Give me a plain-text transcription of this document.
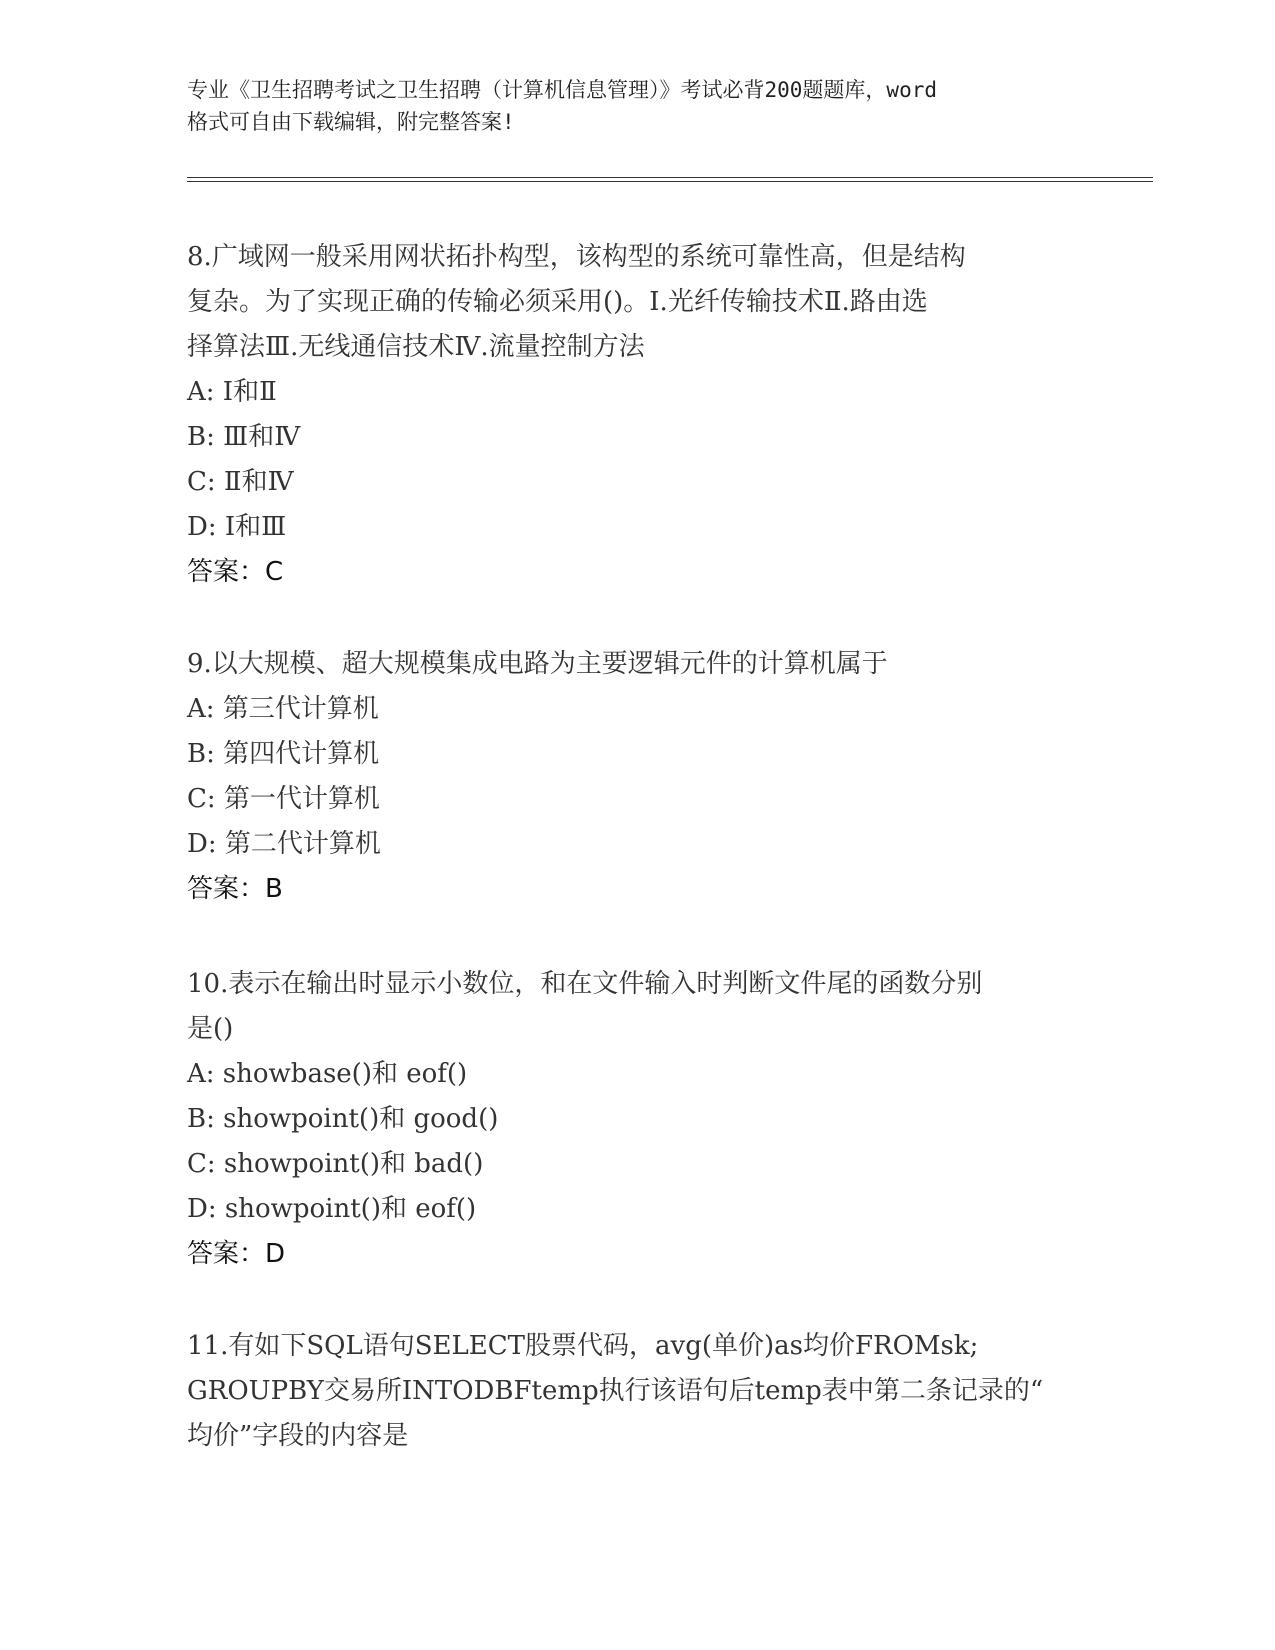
专业《卫生招聘考试之卫生招聘（计算机信息管理）》考试必背200题题库，word
格式可自由下载编辑，附完整答案!

8.广域网一般采用网状拓扑构型，该构型的系统可靠性高，但是结构

复杂。为了实现正确的传输必须采用()。Ⅰ.光纤传输技术Ⅱ.路由选

择算法Ⅲ.无线通信技术Ⅳ.流量控制方法

A: Ⅰ和Ⅱ

B: Ⅲ和Ⅳ

C: Ⅱ和Ⅳ

D: Ⅰ和Ⅲ

答案：C

9.以大规模、超大规模集成电路为主要逻辑元件的计算机属于

A: 第三代计算机

B: 第四代计算机

C: 第一代计算机

D: 第二代计算机

答案：B

10.表示在输出时显示小数位，和在文件输入时判断文件尾的函数分别

是()

A: showbase()和 eof()

B: showpoint()和 good()

C: showpoint()和 bad()

D: showpoint()和 eof()

答案：D

11.有如下SQL语句SELECT股票代码，avg(单价)as均价FROMsk;

GROUPBY交易所INTODBFtemp执行该语句后temp表中第二条记录的“

均价”字段的内容是
